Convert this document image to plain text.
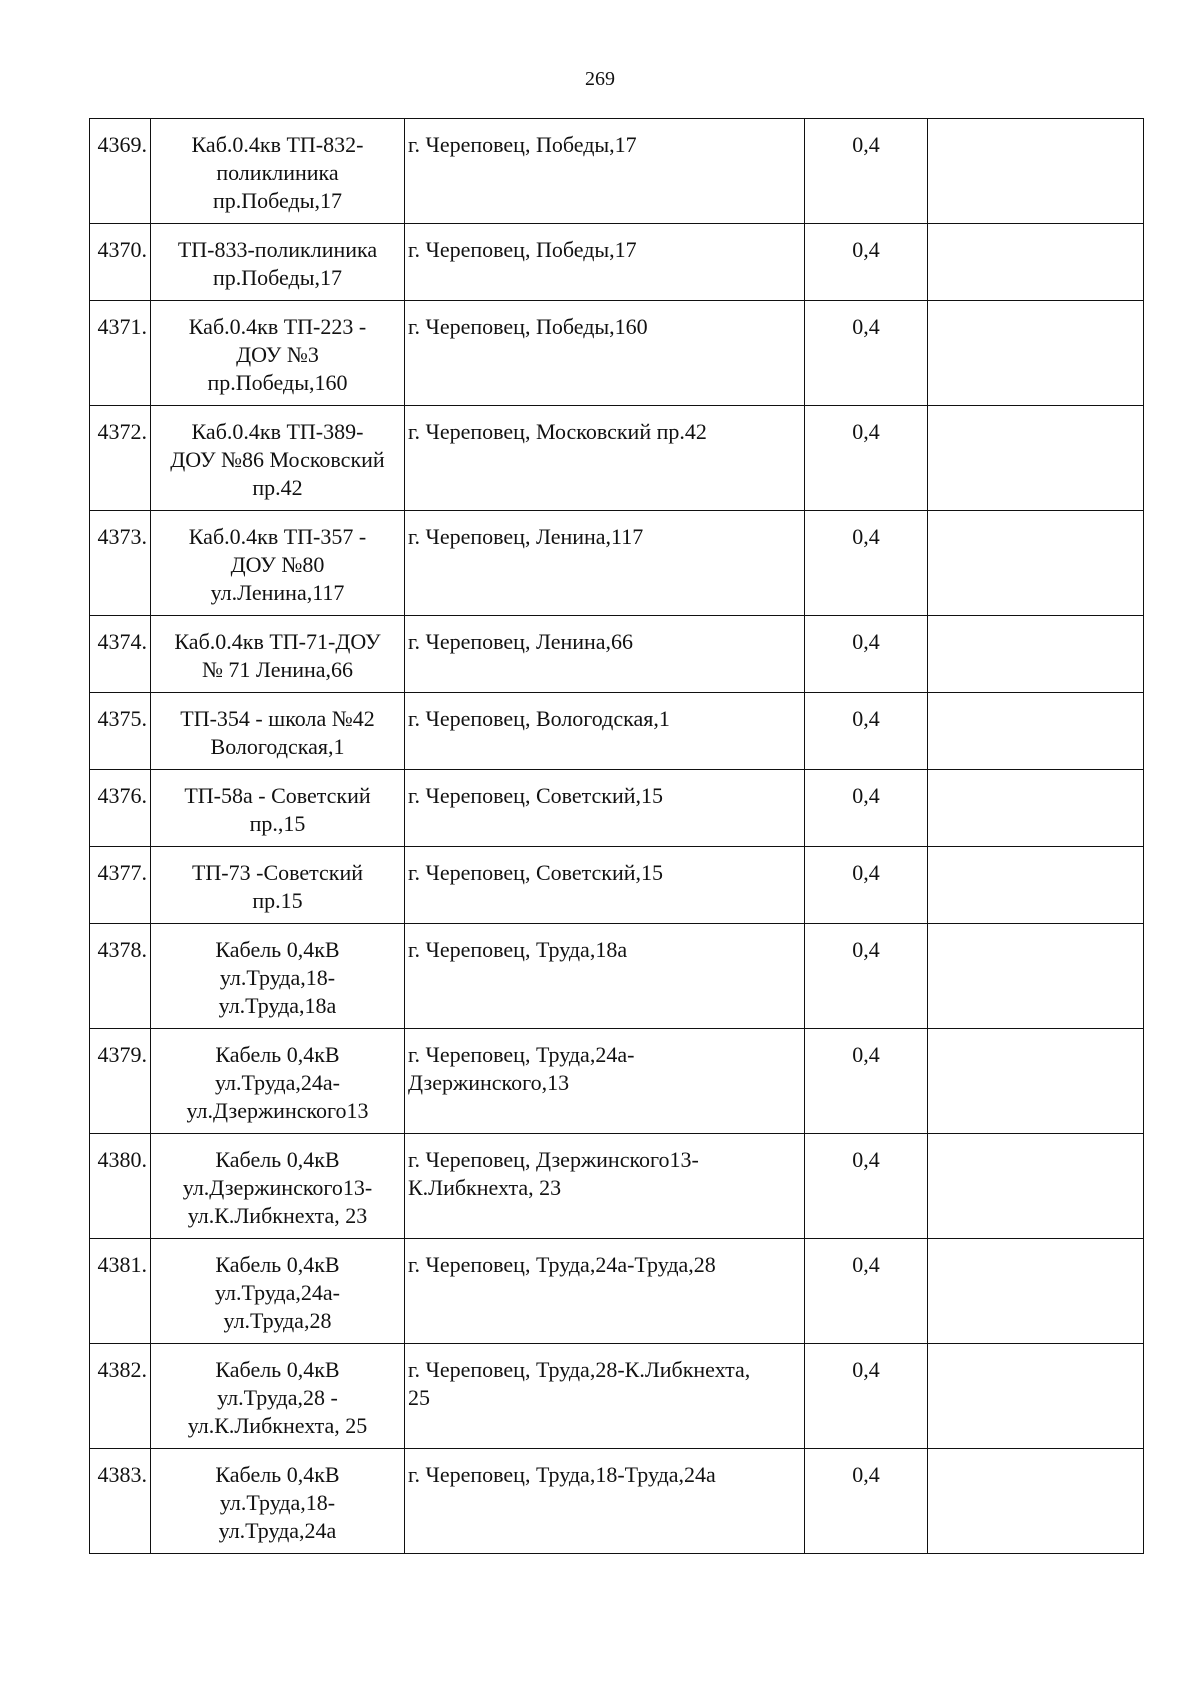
269
4369.	Каб.0.4кв ТП-832-
поликлиника
пр.Победы,17	г. Череповец, Победы,17	0,4	
4370.	ТП-833-поликлиника
пр.Победы,17	г. Череповец, Победы,17	0,4	
4371.	Каб.0.4кв ТП-223 -
ДОУ №3
пр.Победы,160	г. Череповец, Победы,160	0,4	
4372.	Каб.0.4кв ТП-389-
ДОУ №86 Московский
пр.42	г. Череповец, Московский пр.42	0,4	
4373.	Каб.0.4кв ТП-357 -
ДОУ №80
ул.Ленина,117	г. Череповец, Ленина,117	0,4	
4374.	Каб.0.4кв ТП-71-ДОУ
№ 71 Ленина,66	г. Череповец, Ленина,66	0,4	
4375.	ТП-354 - школа №42
Вологодская,1	г. Череповец, Вологодская,1	0,4	
4376.	ТП-58а - Советский
пр.,15	г. Череповец, Советский,15	0,4	
4377.	ТП-73 -Советский
пр.15	г. Череповец, Советский,15	0,4	
4378.	Кабель 0,4кВ
ул.Труда,18-
ул.Труда,18а	г. Череповец, Труда,18а	0,4	
4379.	Кабель 0,4кВ
ул.Труда,24а-
ул.Дзержинского13	г. Череповец, Труда,24а-
Дзержинского,13	0,4	
4380.	Кабель 0,4кВ
ул.Дзержинского13-
ул.К.Либкнехта, 23	г. Череповец, Дзержинского13-
К.Либкнехта, 23	0,4	
4381.	Кабель 0,4кВ
ул.Труда,24а-
ул.Труда,28	г. Череповец, Труда,24а-Труда,28	0,4	
4382.	Кабель 0,4кВ
ул.Труда,28 -
ул.К.Либкнехта, 25	г. Череповец, Труда,28-К.Либкнехта,
25	0,4	
4383.	Кабель 0,4кВ
ул.Труда,18-
ул.Труда,24а	г. Череповец, Труда,18-Труда,24а	0,4	
